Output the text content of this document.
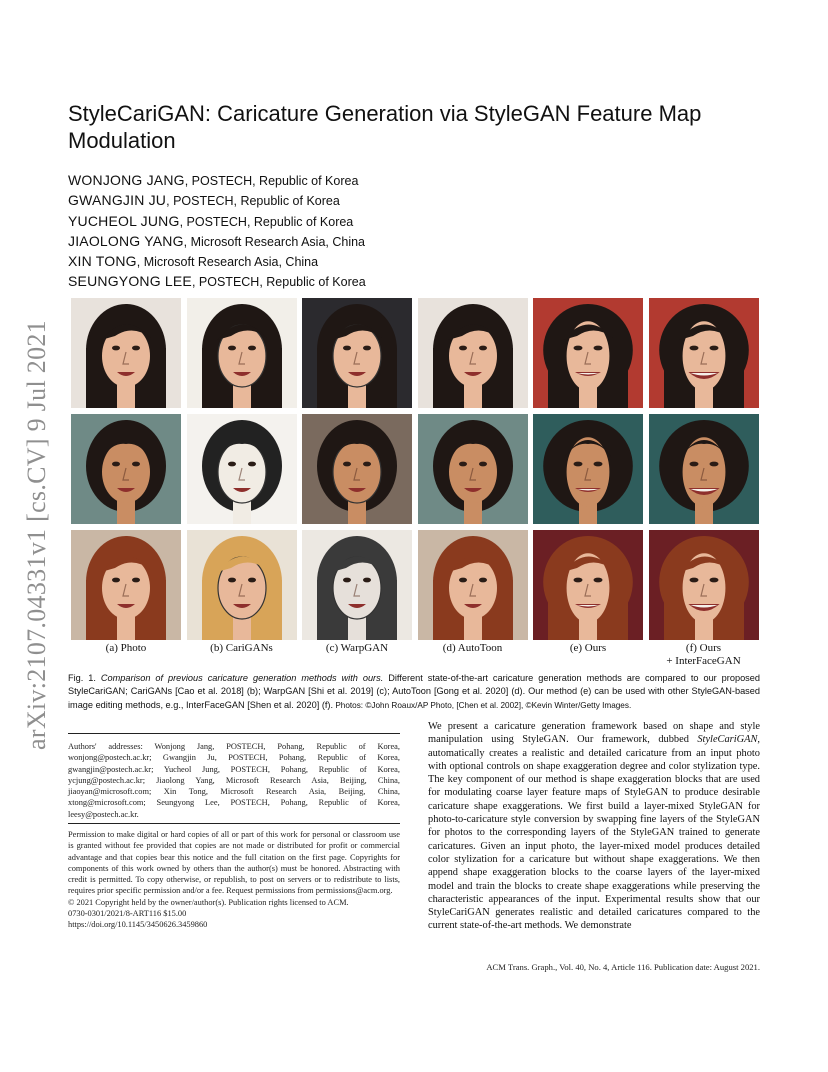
arXiv:2107.04331v1 [cs.CV] 9 Jul 2021
StyleCariGAN: Caricature Generation via StyleGAN Feature Map Modulation
WONJONG JANG, POSTECH, Republic of Korea
GWANGJIN JU, POSTECH, Republic of Korea
YUCHEOL JUNG, POSTECH, Republic of Korea
JIAOLONG YANG, Microsoft Research Asia, China
XIN TONG, Microsoft Research Asia, China
SEUNGYONG LEE, POSTECH, Republic of Korea
(a) Photo	(b) CariGANs	(c) WarpGAN	(d) AutoToon	(e) Ours	(f) Ours
+ InterFaceGAN
Fig. 1. Comparison of previous caricature generation methods with ours. Different state-of-the-art caricature generation methods are compared to our proposed StyleCariGAN; CariGANs [Cao et al. 2018] (b); WarpGAN [Shi et al. 2019] (c); AutoToon [Gong et al. 2020] (d). Our method (e) can be used with other StyleGAN-based image editing methods, e.g., InterFaceGAN [Shen et al. 2020] (f). Photos: ©John Roaux/AP Photo, [Chen et al. 2002], ©Kevin Winter/Getty Images.
Authors' addresses: Wonjong Jang, POSTECH, Pohang, Republic of Korea, wonjong@postech.ac.kr; Gwangjin Ju, POSTECH, Pohang, Republic of Korea, gwangjin@postech.ac.kr; Yucheol Jung, POSTECH, Pohang, Republic of Korea, ycjung@postech.ac.kr; Jiaolong Yang, Microsoft Research Asia, Beijing, China, jiaoyan@microsoft.com; Xin Tong, Microsoft Research Asia, Beijing, China, xtong@microsoft.com; Seungyong Lee, POSTECH, Pohang, Republic of Korea, leesy@postech.ac.kr.
Permission to make digital or hard copies of all or part of this work for personal or classroom use is granted without fee provided that copies are not made or distributed for profit or commercial advantage and that copies bear this notice and the full citation on the first page. Copyrights for components of this work owned by others than the author(s) must be honored. Abstracting with credit is permitted. To copy otherwise, or republish, to post on servers or to redistribute to lists, requires prior specific permission and/or a fee. Request permissions from permissions@acm.org.
© 2021 Copyright held by the owner/author(s). Publication rights licensed to ACM.
0730-0301/2021/8-ART116 $15.00
https://doi.org/10.1145/3450626.3459860
We present a caricature generation framework based on shape and style manipulation using StyleGAN. Our framework, dubbed StyleCariGAN, automatically creates a realistic and detailed caricature from an input photo with optional controls on shape exaggeration degree and color stylization type. The key component of our method is shape exaggeration blocks that are used for modulating coarse layer feature maps of StyleGAN to produce desirable caricature shape exaggerations. We first build a layer-mixed StyleGAN for photo-to-caricature style conversion by swapping fine layers of the StyleGAN for photos to the corresponding layers of the StyleGAN trained to generate caricatures. Given an input photo, the layer-mixed model produces detailed color stylization for a caricature but without shape exaggerations. We then append shape exaggeration blocks to the coarse layers of the layer-mixed model and train the blocks to create shape exaggerations while preserving the characteristic appearances of the input. Experimental results show that our StyleCariGAN generates realistic and detailed caricatures compared to the current state-of-the-art methods. We demonstrate
ACM Trans. Graph., Vol. 40, No. 4, Article 116. Publication date: August 2021.
